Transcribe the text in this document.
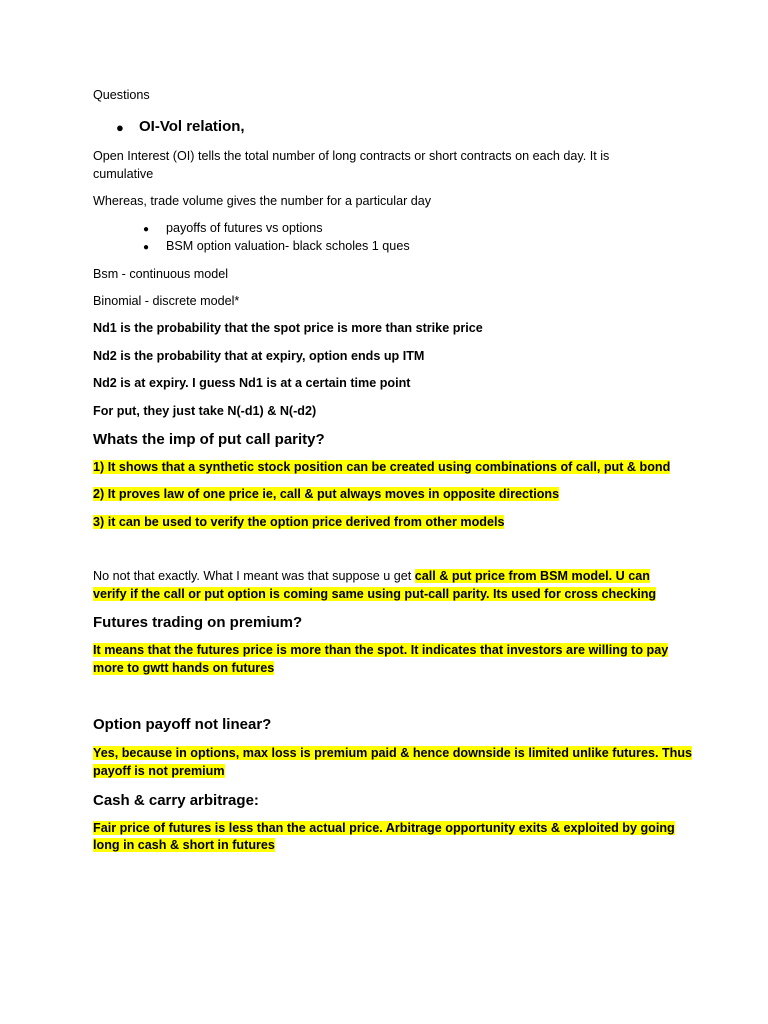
Questions
● OI-Vol relation,
Open Interest (OI) tells the total number of long contracts or short contracts on each day. It is
cumulative
Whereas, trade volume gives the number for a particular day
● payoffs of futures vs options
● BSM option valuation- black scholes 1 ques
Bsm - continuous model
Binomial - discrete model*
Nd1 is the probability that the spot price is more than strike price
Nd2 is the probability that at expiry, option ends up ITM
Nd2 is at expiry. I guess Nd1 is at a certain time point
For put, they just take N(-d1) & N(-d2)
Whats the imp of put call parity?
1) It shows that a synthetic stock position can be created using combinations of call, put & bond
2) It proves law of one price ie, call & put always moves in opposite directions
3) it can be used to verify the option price derived from other models
No not that exactly. What I meant was that suppose u get call & put price from BSM model. U can
verify if the call or put option is coming same using put-call parity. Its used for cross checking
Futures trading on premium?
It means that the futures price is more than the spot. It indicates that investors are willing to pay
more to gwtt hands on futures
Option payoff not linear?
Yes, because in options, max loss is premium paid & hence downside is limited unlike futures. Thus
payoff is not premium
Cash & carry arbitrage:
Fair price of futures is less than the actual price. Arbitrage opportunity exits & exploited by going
long in cash & short in futures
